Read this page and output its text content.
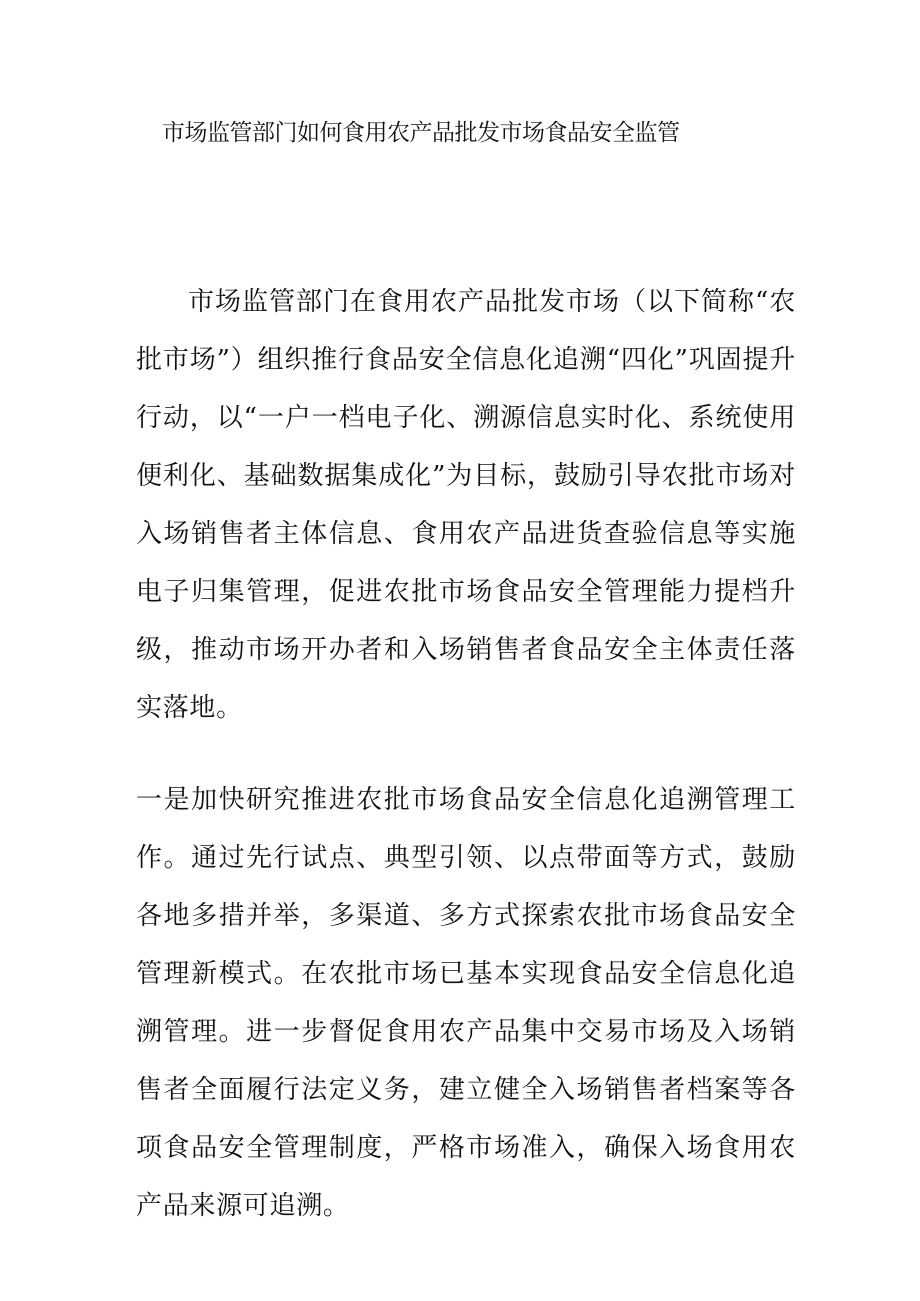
市场监管部门如何食用农产品批发市场食品安全监管

市场监管部门在食用农产品批发市场（以下简称“农批市场”）组织推行食品安全信息化追溯“四化”巩固提升行动，以“一户一档电子化、溯源信息实时化、系统使用便利化、基础数据集成化”为目标，鼓励引导农批市场对入场销售者主体信息、食用农产品进货查验信息等实施电子归集管理，促进农批市场食品安全管理能力提档升级，推动市场开办者和入场销售者食品安全主体责任落实落地。

一是加快研究推进农批市场食品安全信息化追溯管理工作。通过先行试点、典型引领、以点带面等方式，鼓励各地多措并举，多渠道、多方式探索农批市场食品安全管理新模式。在农批市场已基本实现食品安全信息化追溯管理。进一步督促食用农产品集中交易市场及入场销售者全面履行法定义务，建立健全入场销售者档案等各项食品安全管理制度，严格市场准入，确保入场食用农产品来源可追溯。
